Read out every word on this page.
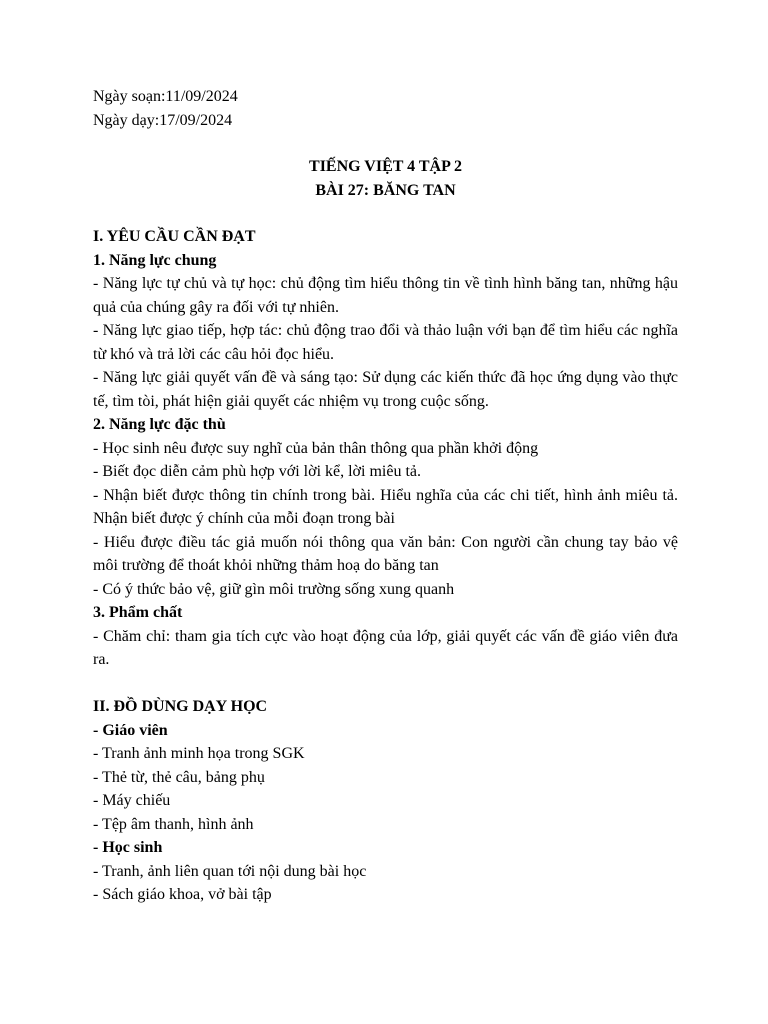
Ngày soạn:11/09/2024

Ngày dạy:17/09/2024

TIẾNG VIỆT 4 TẬP 2

BÀI 27: BĂNG TAN

I. YÊU CẦU CẦN ĐẠT

1. Năng lực chung

- Năng lực tự chủ và tự học: chủ động tìm hiểu thông tin về tình hình băng tan, những hậu quả của chúng gây ra đối với tự nhiên.
- Năng lực giao tiếp, hợp tác: chủ động trao đổi và thảo luận với bạn để tìm hiểu các nghĩa từ khó và trả lời các câu hỏi đọc hiểu.
- Năng lực giải quyết vấn đề và sáng tạo: Sử dụng các kiến thức đã học ứng dụng vào thực tế, tìm tòi, phát hiện giải quyết các nhiệm vụ trong cuộc sống.

2. Năng lực đặc thù

- Học sinh nêu được suy nghĩ của bản thân thông qua phần khởi động
- Biết đọc diễn cảm phù hợp với lời kể, lời miêu tả.
- Nhận biết được thông tin chính trong bài. Hiểu nghĩa của các chi tiết, hình ảnh miêu tả. Nhận biết được ý chính của mỗi đoạn trong bài
- Hiểu được điều tác giả muốn nói thông qua văn bản: Con người cần chung tay bảo vệ môi trường để thoát khỏi những thảm hoạ do băng tan
- Có ý thức bảo vệ, giữ gìn môi trường sống xung quanh

3. Phẩm chất

- Chăm chỉ: tham gia tích cực vào hoạt động của lớp, giải quyết các vấn đề giáo viên đưa ra.

II. ĐỒ DÙNG DẠY HỌC

- Giáo viên

- Tranh ảnh minh họa trong SGK
- Thẻ từ, thẻ câu, bảng phụ
- Máy chiếu
- Tệp âm thanh, hình ảnh

- Học sinh

- Tranh, ảnh liên quan tới nội dung bài học
- Sách giáo khoa, vở bài tập
